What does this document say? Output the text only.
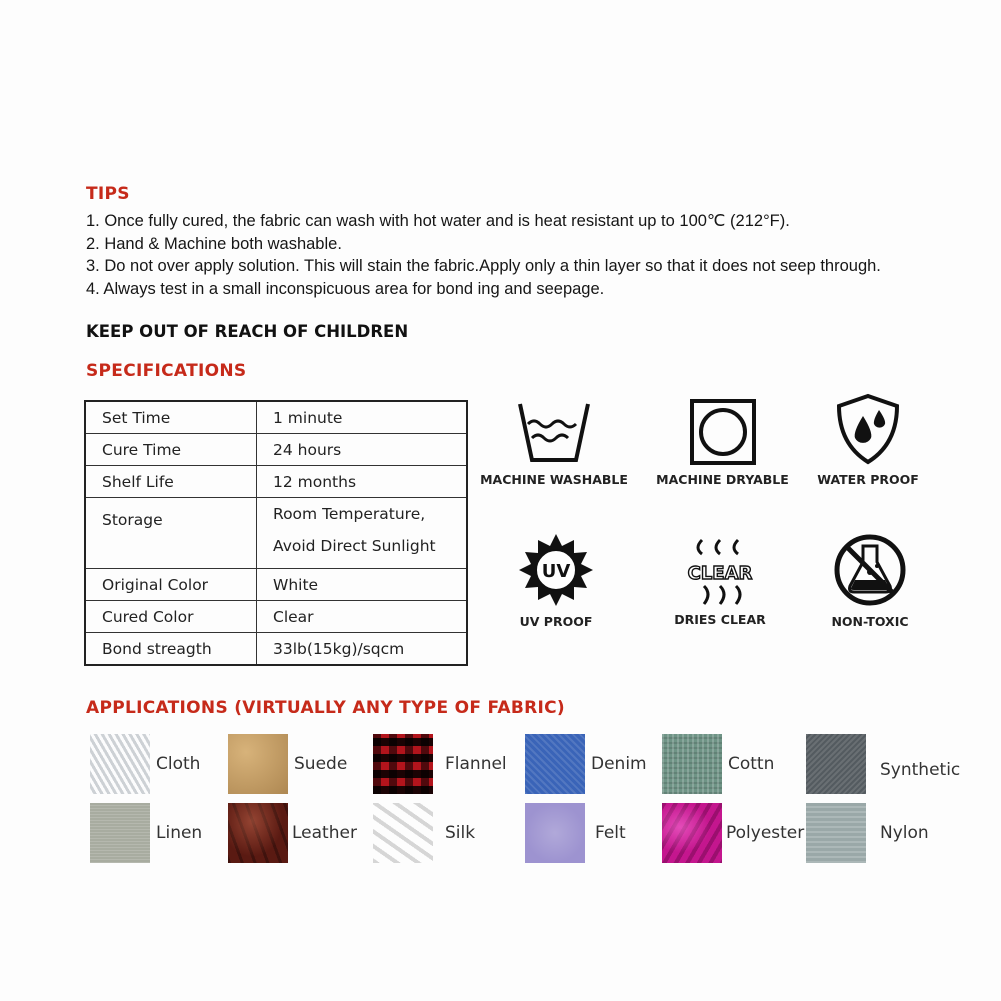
TIPS
1. Once fully cured, the fabric can wash with hot water and is heat resistant up to 100℃ (212°F).
2. Hand & Machine both washable.
3. Do not over apply solution. This will stain the fabric.Apply only a thin layer so that it does not seep through.
4. Always test in a small inconspicuous area for bond ing and seepage.
KEEP OUT OF REACH OF CHILDREN
SPECIFICATIONS
Set Time	1 minute
Cure Time	24 hours
Shelf Life	12 months
Storage	Room Temperature,
Avoid Direct Sunlight

Original Color	White
Cured Color	Clear
Bond streagth	33lb(15kg)/sqcm
MACHINE WASHABLE	MACHINE DRYABLE	WATER PROOF
UV
UV PROOF
CLEAR
DRIES CLEAR	NON-TOXIC
APPLICATIONS (VIRTUALLY ANY TYPE OF FABRIC)
Cloth	Suede	Flannel	Denim	Cottn	Synthetic
Linen	Leather	Silk	Felt	Polyester	Nylon
